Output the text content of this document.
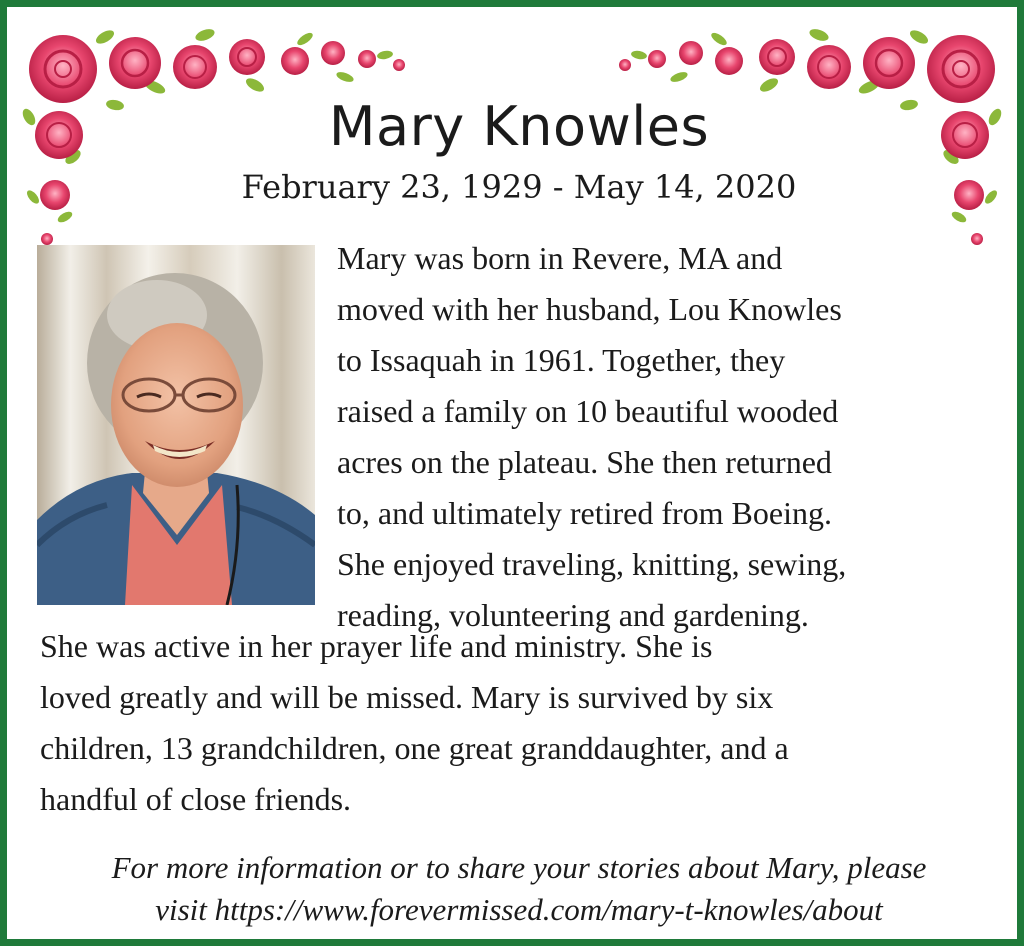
Mary Knowles
February 23, 1929 - May 14, 2020
Mary was born in Revere, MA and
moved with her husband, Lou Knowles
to Issaquah in 1961. Together, they
raised a family on 10 beautiful wooded
acres on the plateau. She then returned
to, and ultimately retired from Boeing.
She enjoyed traveling, knitting, sewing,
reading, volunteering and gardening.
She was active in her prayer life and ministry. She is
loved greatly and will be missed. Mary is survived by six
children, 13 grandchildren, one great granddaughter, and a
handful of close friends.
For more information or to share your stories about Mary, please
visit https://www.forevermissed.com/mary-t-knowles/about
